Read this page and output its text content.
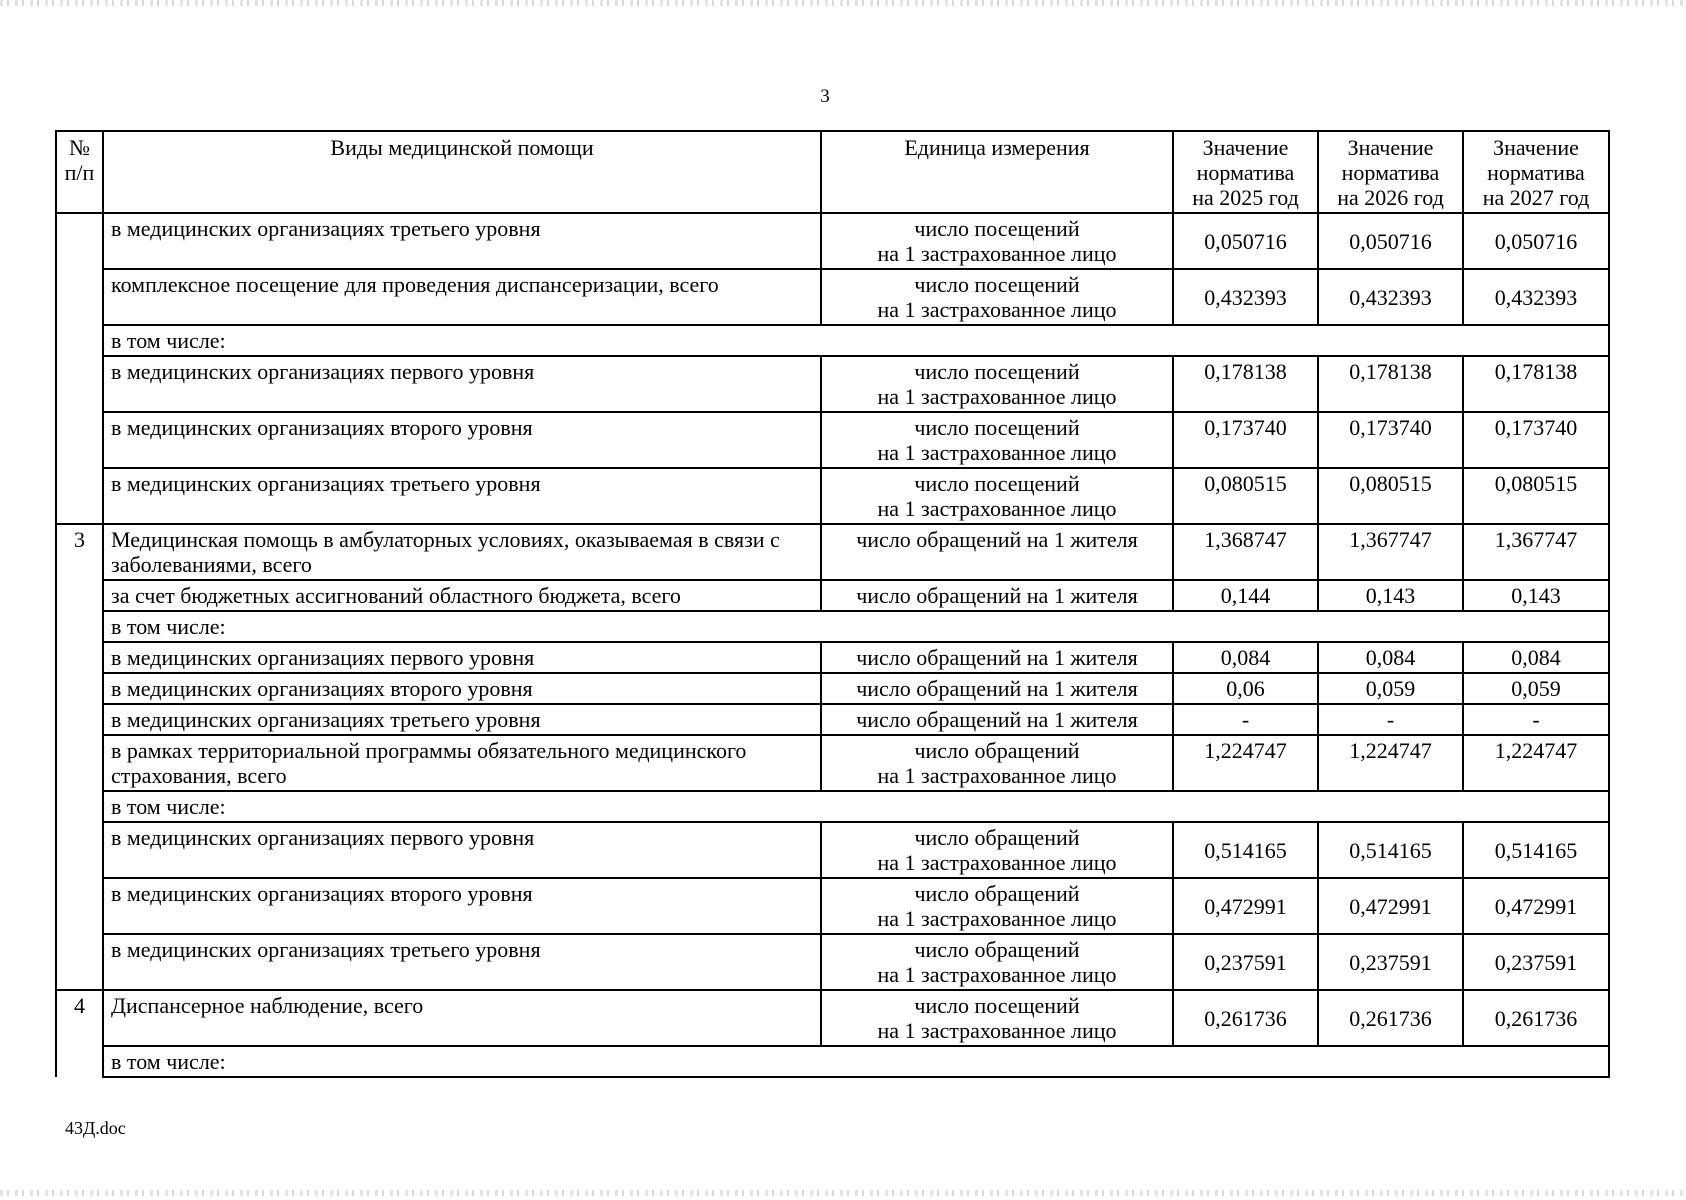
3
№
п/п	Виды медицинской помощи	Единица измерения	Значение
норматива
на 2025 год	Значение
норматива
на 2026 год	Значение
норматива
на 2027 год
	в медицинских организациях третьего уровня	число посещений
на 1 застрахованное лицо	0,050716	0,050716	0,050716
	комплексное посещение для проведения диспансеризации, всего	число посещений
на 1 застрахованное лицо	0,432393	0,432393	0,432393
	в том числе:				
	в медицинских организациях первого уровня	число посещений
на 1 застрахованное лицо	0,178138	0,178138	0,178138
	в медицинских организациях второго уровня	число посещений
на 1 застрахованное лицо	0,173740	0,173740	0,173740
	в медицинских организациях третьего уровня	число посещений
на 1 застрахованное лицо	0,080515	0,080515	0,080515
3	Медицинская помощь в амбулаторных условиях, оказываемая в связи с заболеваниями, всего	число обращений на 1 жителя	1,368747	1,367747	1,367747
	за счет бюджетных ассигнований областного бюджета, всего	число обращений на 1 жителя	0,144	0,143	0,143
	в том числе:				
	в медицинских организациях первого уровня	число обращений на 1 жителя	0,084	0,084	0,084
	в медицинских организациях второго уровня	число обращений на 1 жителя	0,06	0,059	0,059
	в медицинских организациях третьего уровня	число обращений на 1 жителя	-	-	-
	в рамках территориальной программы обязательного медицинского страхования, всего	число обращений
на 1 застрахованное лицо	1,224747	1,224747	1,224747
	в том числе:				
	в медицинских организациях первого уровня	число обращений
на 1 застрахованное лицо	0,514165	0,514165	0,514165
	в медицинских организациях второго уровня	число обращений
на 1 застрахованное лицо	0,472991	0,472991	0,472991
	в медицинских организациях третьего уровня	число обращений
на 1 застрахованное лицо	0,237591	0,237591	0,237591
4	Диспансерное наблюдение, всего	число посещений
на 1 застрахованное лицо	0,261736	0,261736	0,261736
	в том числе:				
43Д.doc
